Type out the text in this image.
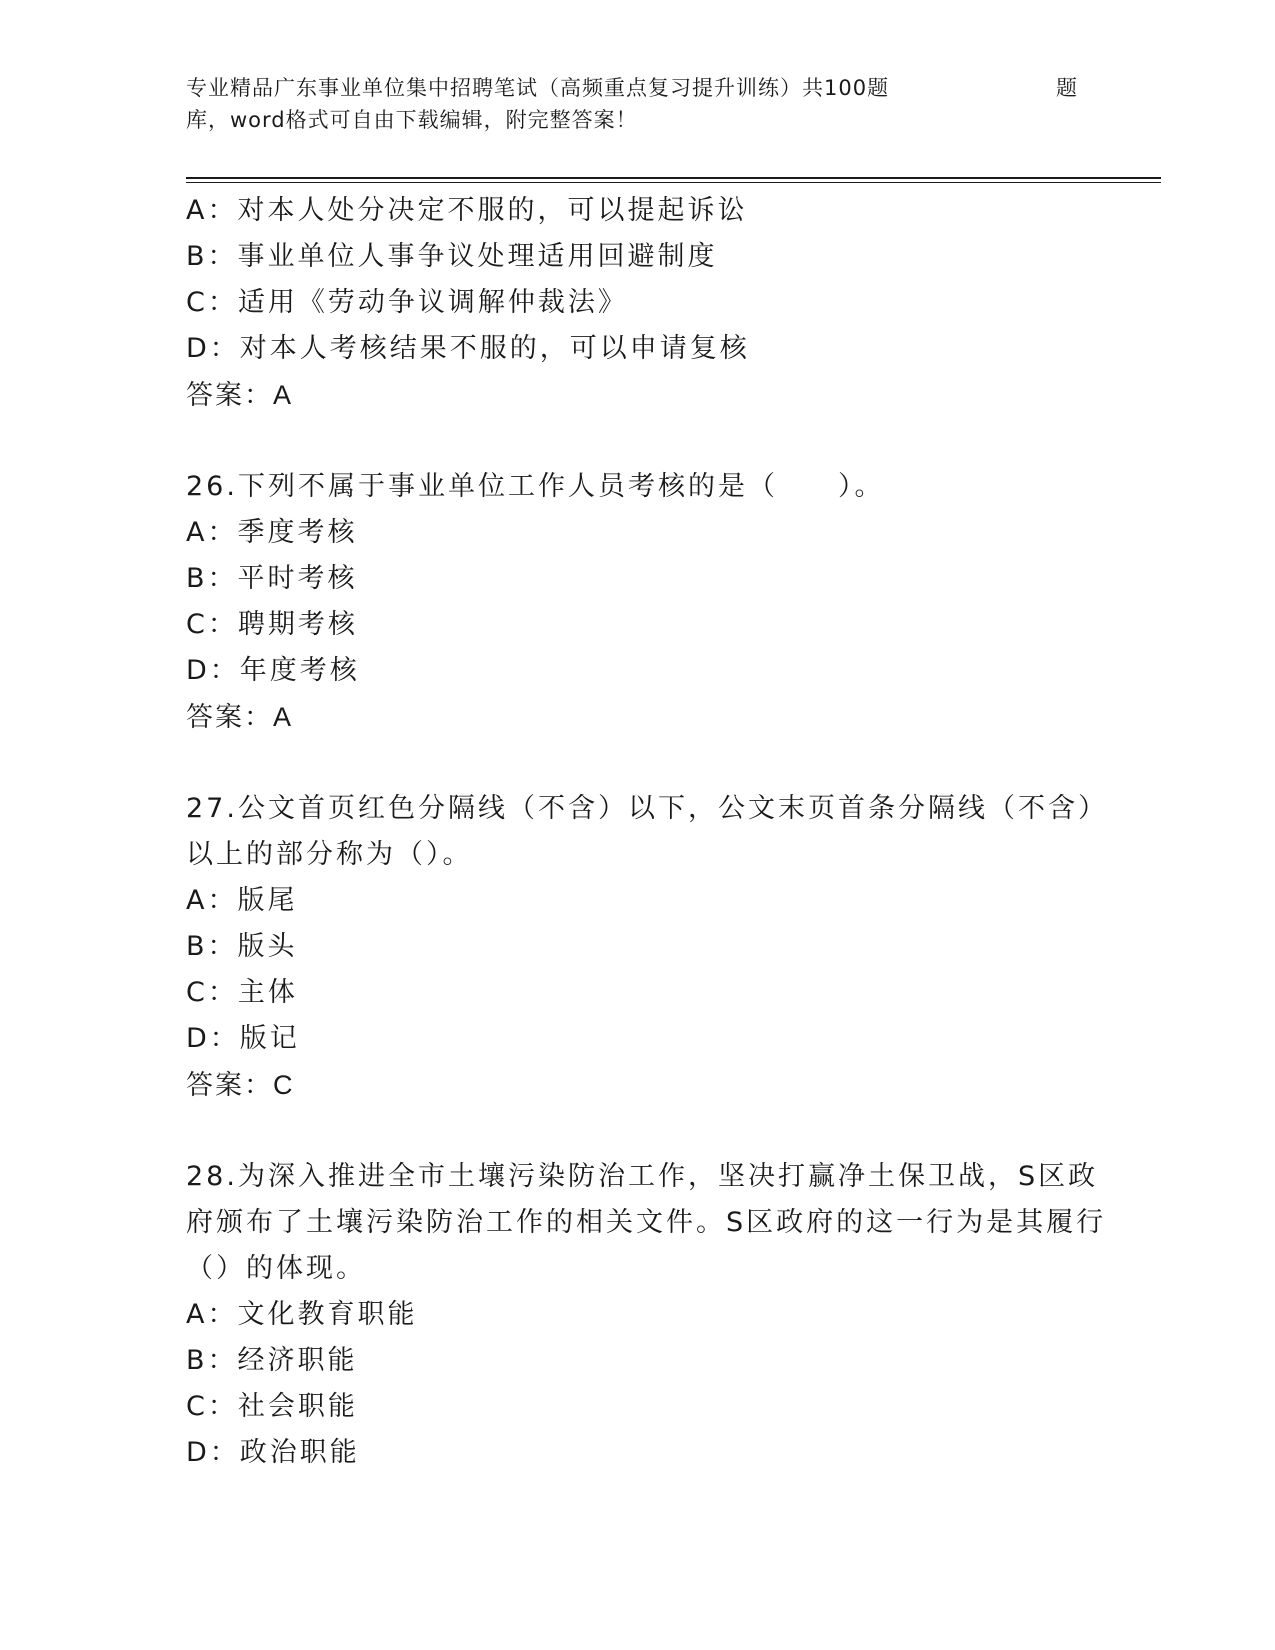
专业精品广东事业单位集中招聘笔试（高频重点复习提升训练）共100题	题
库，word格式可自由下载编辑，附完整答案！
A：对本人处分决定不服的，可以提起诉讼
B：事业单位人事争议处理适用回避制度
C：适用《劳动争议调解仲裁法》
D：对本人考核结果不服的，可以申请复核
答案：A
26.下列不属于事业单位工作人员考核的是（　　）。
A：季度考核
B：平时考核
C：聘期考核
D：年度考核
答案：A
27.公文首页红色分隔线（不含）以下，公文末页首条分隔线（不含）
以上的部分称为（）。
A：版尾
B：版头
C：主体
D：版记
答案：C
28.为深入推进全市土壤污染防治工作，坚决打赢净土保卫战，S区政
府颁布了土壤污染防治工作的相关文件。S区政府的这一行为是其履行
（）的体现。
A：文化教育职能
B：经济职能
C：社会职能
D：政治职能
